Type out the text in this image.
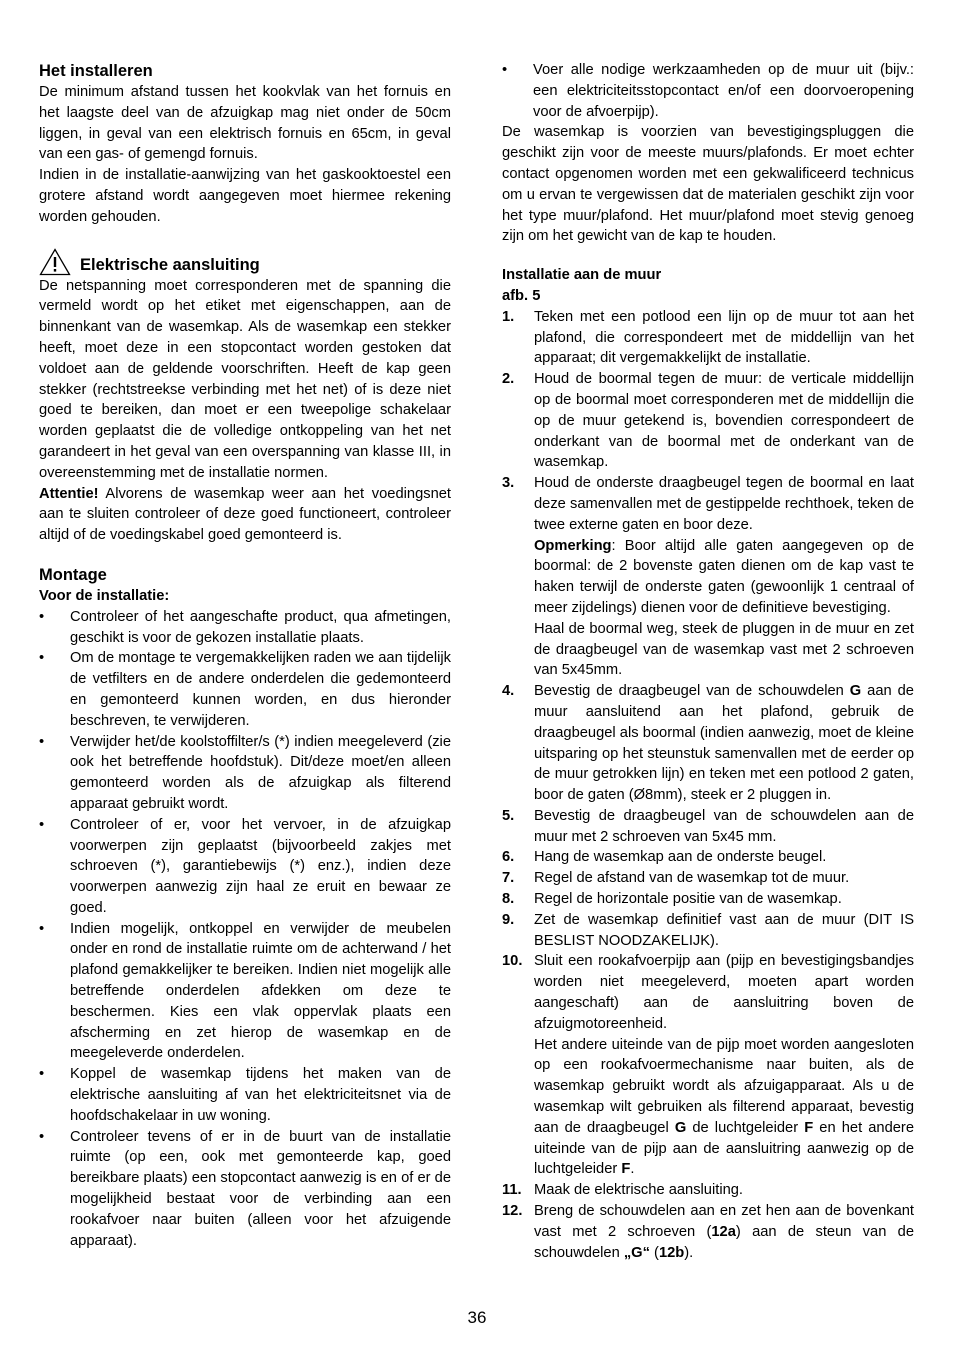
Het installeren

De minimum afstand tussen het kookvlak van het fornuis en het laagste deel van de afzuigkap mag niet onder de 50cm liggen, in geval van een elektrisch fornuis en 65cm, in geval van een gas- of gemengd fornuis.

Indien in de installatie-aanwijzing van het gaskooktoestel een grotere afstand wordt aangegeven moet hiermee rekening worden gehouden.

Elektrische aansluiting

De netspanning moet corresponderen met de spanning die vermeld wordt op het etiket met eigenschappen, aan de binnenkant van de wasemkap. Als de wasemkap een stekker heeft, moet deze in een stopcontact worden gestoken dat voldoet aan de geldende voorschriften. Heeft de kap geen stekker (rechtstreekse verbinding met het net) of is deze niet goed te bereiken, dan moet er een tweepolige schakelaar worden geplaatst die de volledige ontkoppeling van het net garandeert in het geval van een overspanning van klasse III, in overeenstemming met de installatie normen.

Attentie! Alvorens de wasemkap weer aan het voedingsnet aan te sluiten controleer of deze goed functioneert, controleer altijd of de voedingskabel goed gemonteerd is.

Montage
Voor de installatie:
• Controleer of het aangeschafte product, qua afmetingen, geschikt is voor de gekozen installatie plaats.
• Om de montage te vergemakkelijken raden we aan tijdelijk de vetfilters en de andere onderdelen die gedemonteerd en gemonteerd kunnen worden, en dus hieronder beschreven, te verwijderen.
• Verwijder het/de koolstoffilter/s (*) indien meegeleverd (zie ook het betreffende hoofdstuk). Dit/deze moet/en alleen gemonteerd worden als de afzuigkap als filterend apparaat gebruikt wordt.
• Controleer of er, voor het vervoer, in de afzuigkap voorwerpen zijn geplaatst (bijvoorbeeld zakjes met schroeven (*), garantiebewijs (*) enz.), indien deze voorwerpen aanwezig zijn haal ze eruit en bewaar ze goed.
• Indien mogelijk, ontkoppel en verwijder de meubelen onder en rond de installatie ruimte om de achterwand / het plafond gemakkelijker te bereiken. Indien niet mogelijk alle betreffende onderdelen afdekken om deze te beschermen. Kies een vlak oppervlak plaats een afscherming en zet hierop de wasemkap en de meegeleverde onderdelen.
• Koppel de wasemkap tijdens het maken van de elektrische aansluiting af van het elektriciteitsnet via de hoofdschakelaar in uw woning.
• Controleer tevens of er in de buurt van de installatie ruimte (op een, ook met gemonteerde kap, goed bereikbare plaats) een stopcontact aanwezig is en of er de mogelijkheid bestaat voor de verbinding aan een rookafvoer naar buiten (alleen voor het afzuigende apparaat).
• Voer alle nodige werkzaamheden op de muur uit (bijv.: een elektriciteitsstopcontact en/of een doorvoeropening voor de afvoerpijp).

De wasemkap is voorzien van bevestigingspluggen die geschikt zijn voor de meeste muurs/plafonds. Er moet echter contact opgenomen worden met een gekwalificeerd technicus om u ervan te vergewissen dat de materialen geschikt zijn voor het type muur/plafond. Het muur/plafond moet stevig genoeg zijn om het gewicht van de kap te houden.

Installatie aan de muur
afb. 5
1. Teken met een potlood een lijn op de muur tot aan het plafond, die correspondeert met de middellijn van het apparaat; dit vergemakkelijkt de installatie.
2. Houd de boormal tegen de muur: de verticale middellijn op de boormal moet corresponderen met de middellijn die op de muur getekend is, bovendien correspondeert de onderkant van de boormal met de onderkant van de wasemkap.
3. Houd de onderste draagbeugel tegen de boormal en laat deze samenvallen met de gestippelde rechthoek, teken de twee externe gaten en boor deze.
Opmerking: Boor altijd alle gaten aangegeven op de boormal: de 2 bovenste gaten dienen om de kap vast te haken terwijl de onderste gaten (gewoonlijk 1 centraal of meer zijdelings) dienen voor de definitieve bevestiging.
Haal de boormal weg, steek de pluggen in de muur en zet de draagbeugel van de wasemkap vast met 2 schroeven van 5x45mm.
4. Bevestig de draagbeugel van de schouwdelen G aan de muur aansluitend aan het plafond, gebruik de draagbeugel als boormal (indien aanwezig, moet de kleine uitsparing op het steunstuk samenvallen met de eerder op de muur getrokken lijn) en teken met een potlood 2 gaten, boor de gaten (Ø8mm), steek er 2 pluggen in.
5. Bevestig de draagbeugel van de schouwdelen aan de muur met 2 schroeven van 5x45 mm.
6. Hang de wasemkap aan de onderste beugel.
7. Regel de afstand van de wasemkap tot de muur.
8. Regel de horizontale positie van de wasemkap.
9. Zet de wasemkap definitief vast aan de muur (DIT IS BESLIST NOODZAKELIJK).
10. Sluit een rookafvoerpijp aan (pijp en bevestigingsbandjes worden niet meegeleverd, moeten apart worden aangeschaft) aan de aansluitring boven de afzuigmotoreenheid.
Het andere uiteinde van de pijp moet worden aangesloten op een rookafvoermechanisme naar buiten, als de wasemkap gebruikt wordt als afzuigapparaat. Als u de wasemkap wilt gebruiken als filterend apparaat, bevestig aan de draagbeugel G de luchtgeleider F en het andere uiteinde van de pijp aan de aansluitring aanwezig op de luchtgeleider F.
11. Maak de elektrische aansluiting.
12. Breng de schouwdelen aan en zet hen aan de bovenkant vast met 2 schroeven (12a) aan de steun van de schouwdelen „G“ (12b).
36
